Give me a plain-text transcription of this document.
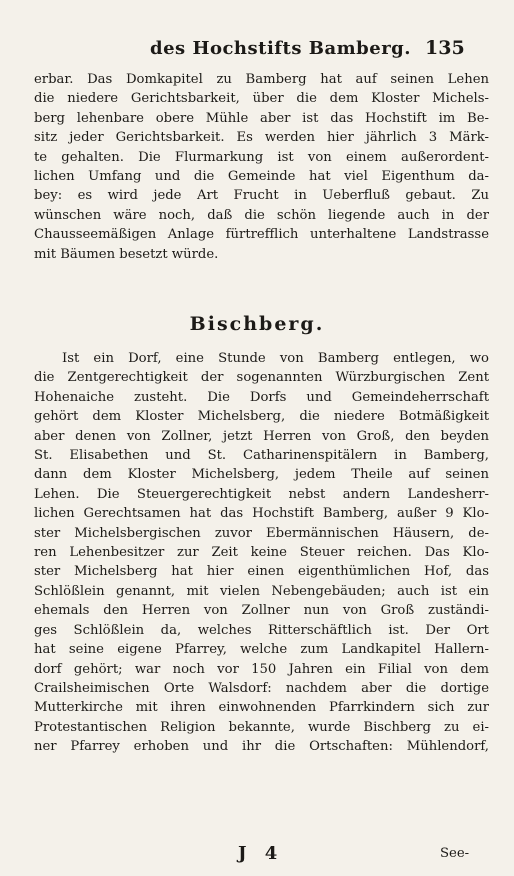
des Hochstifts Bamberg. 135
erbar. Das Domkapitel zu Bamberg hat auf seinen Lehen
die niedere Gerichtsbarkeit, über die dem Kloster Michels-
berg lehenbare obere Mühle aber ist das Hochstift im Be-
sitz jeder Gerichtsbarkeit. Es werden hier jährlich 3 Märk-
te gehalten. Die Flurmarkung ist von einem außerordent-
lichen Umfang und die Gemeinde hat viel Eigenthum da-
bey: es wird jede Art Frucht in Ueberfluß gebaut. Zu
wünschen wäre noch, daß die schön liegende auch in der
Chausseemäßigen Anlage fürtrefflich unterhaltene Landstrasse
mit Bäumen besetzt würde.
Bischberg.
Ist ein Dorf, eine Stunde von Bamberg entlegen, wo
die Zentgerechtigkeit der sogenannten Würzburgischen Zent
Hohenaiche zusteht. Die Dorfs und Gemeindeherrschaft
gehört dem Kloster Michelsberg, die niedere Botmäßigkeit
aber denen von Zollner, jetzt Herren von Groß, den beyden
St. Elisabethen und St. Catharinenspitälern in Bamberg,
dann dem Kloster Michelsberg, jedem Theile auf seinen
Lehen. Die Steuergerechtigkeit nebst andern Landesherr-
lichen Gerechtsamen hat das Hochstift Bamberg, außer 9 Klo-
ster Michelsbergischen zuvor Ebermännischen Häusern, de-
ren Lehenbesitzer zur Zeit keine Steuer reichen. Das Klo-
ster Michelsberg hat hier einen eigenthümlichen Hof, das
Schlößlein genannt, mit vielen Nebengebäuden; auch ist ein
ehemals den Herren von Zollner nun von Groß zuständi-
ges Schlößlein da, welches Ritterschäftlich ist. Der Ort
hat seine eigene Pfarrey, welche zum Landkapitel Hallern-
dorf gehört; war noch vor 150 Jahren ein Filial von dem
Crailsheimischen Orte Walsdorf: nachdem aber die dortige
Mutterkirche mit ihren einwohnenden Pfarrkindern sich zur
Protestantischen Religion bekannte, wurde Bischberg zu ei-
ner Pfarrey erhoben und ihr die Ortschaften: Mühlendorf,
J 4	See-
